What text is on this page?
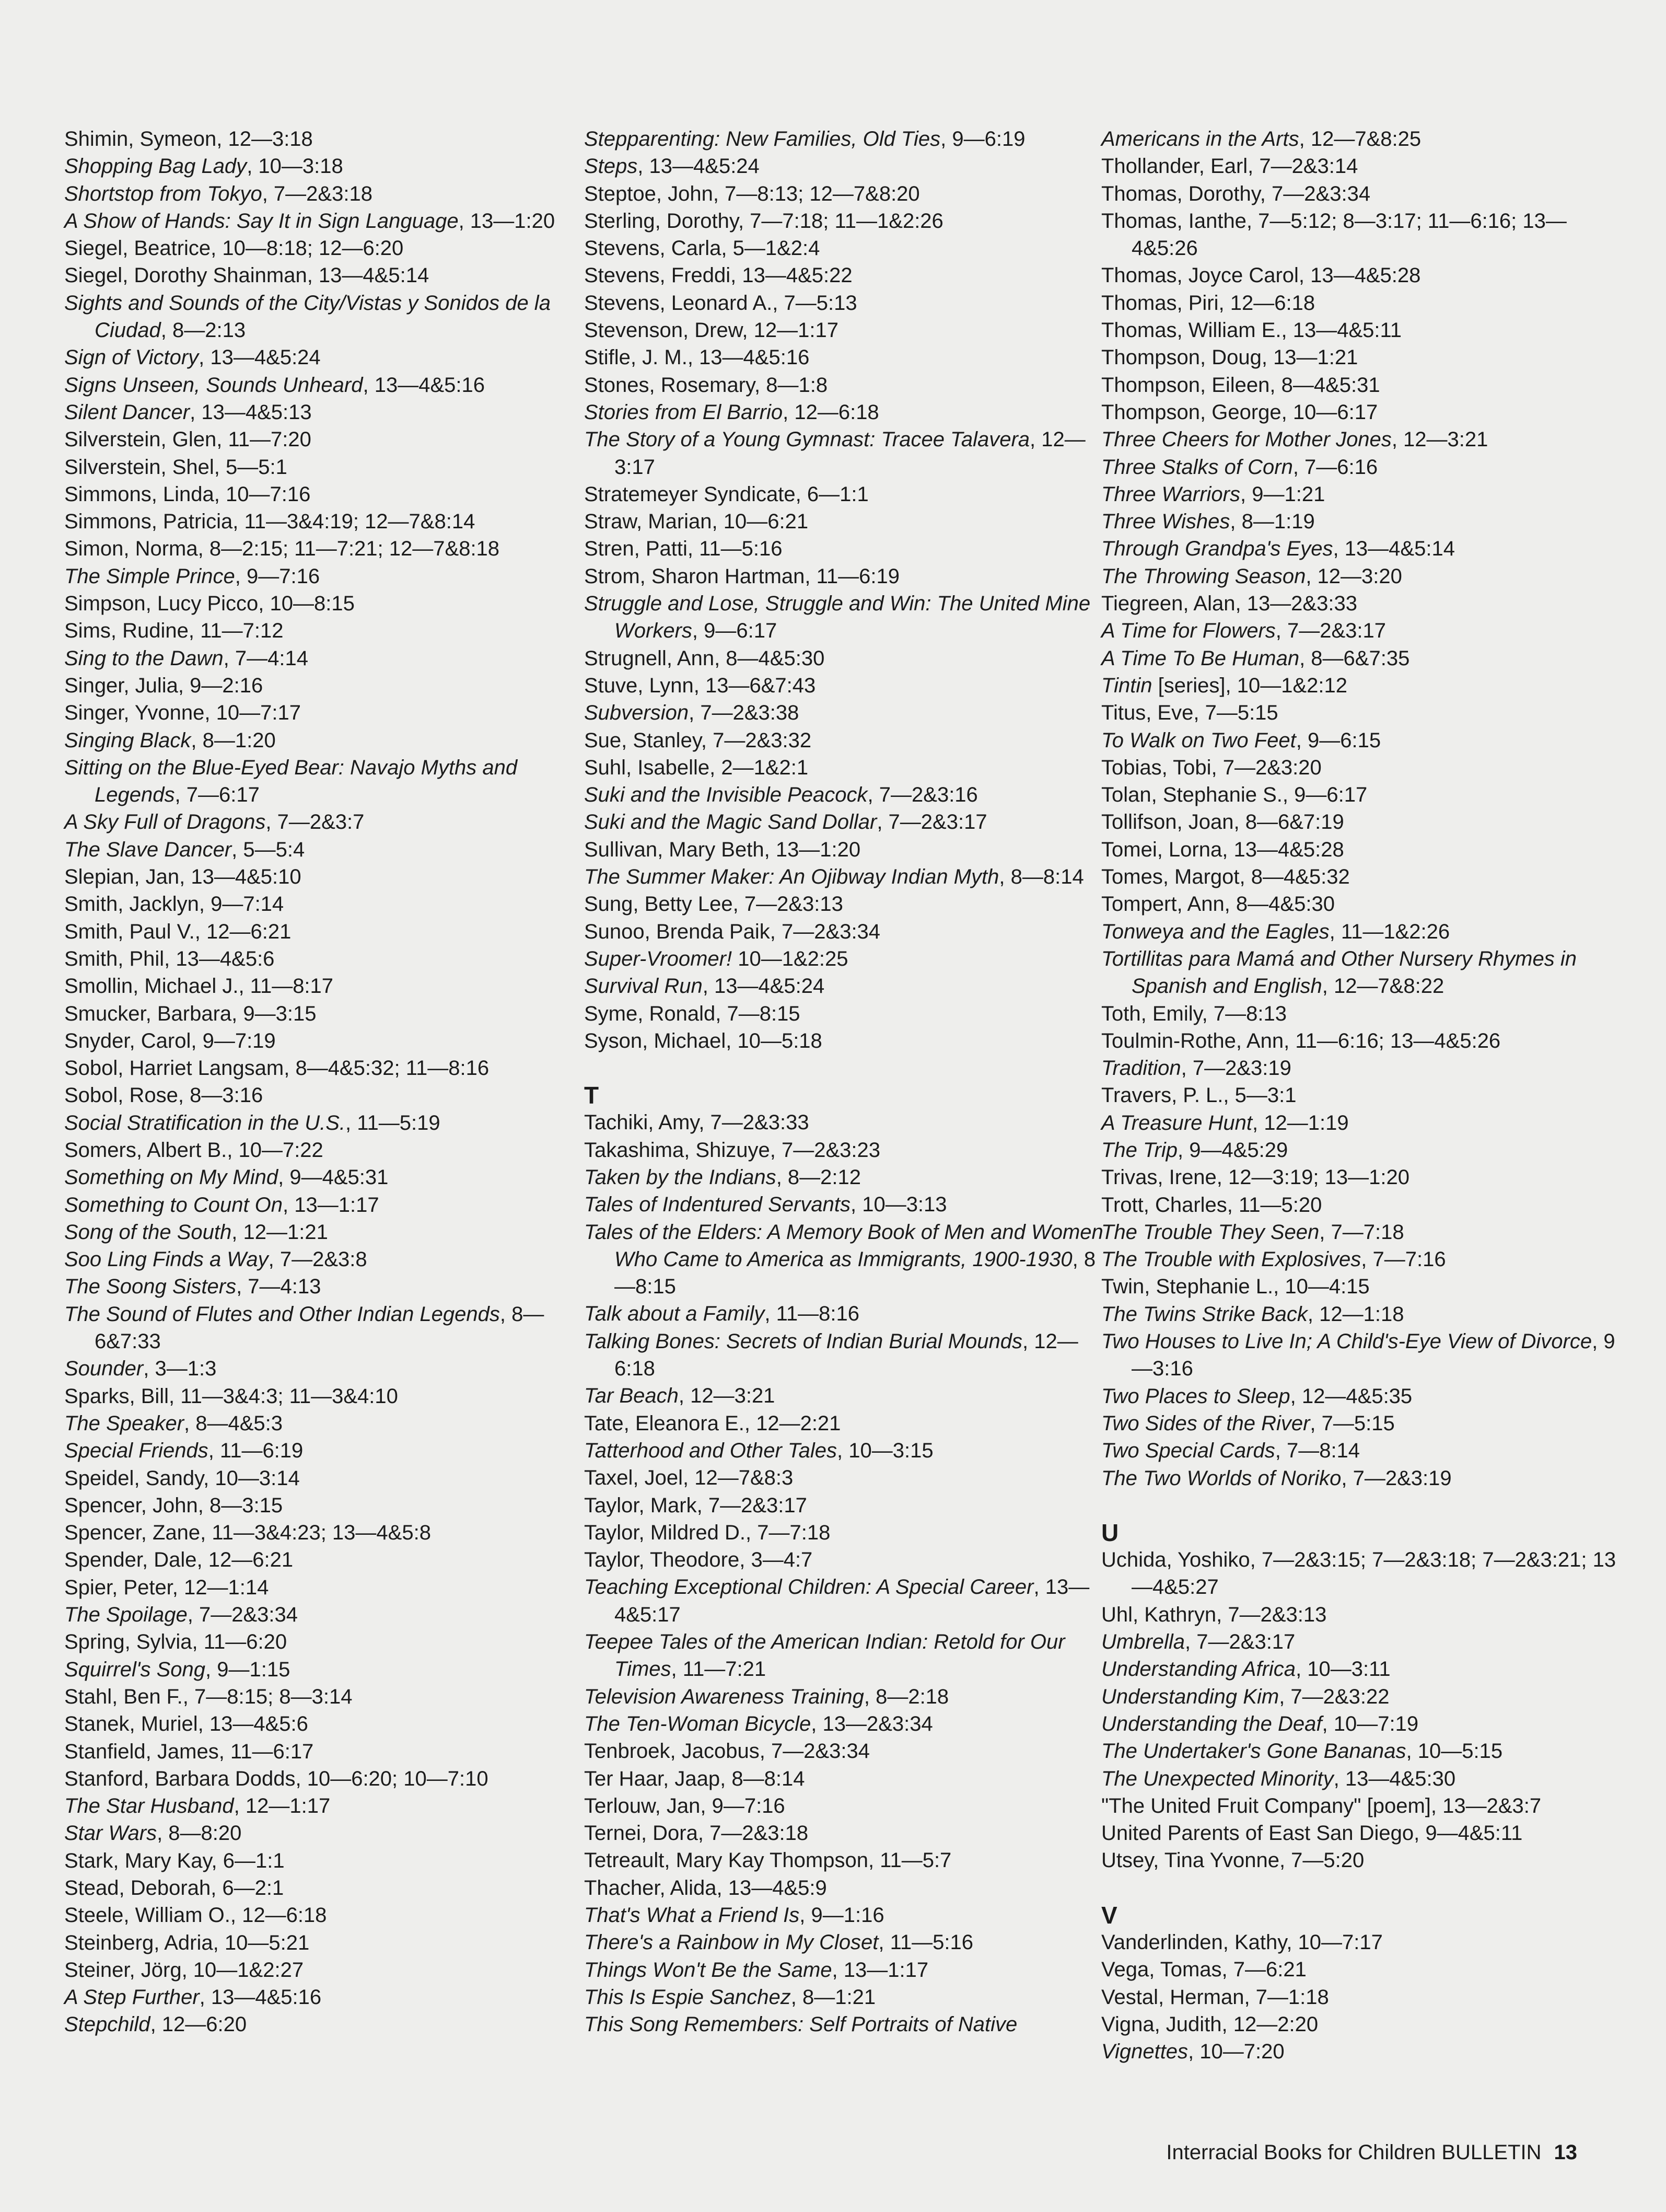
Shimin, Symeon, 12—3:18
Shopping Bag Lady, 10—3:18
Shortstop from Tokyo, 7—2&3:18
A Show of Hands: Say It in Sign Language, 13—1:20
Siegel, Beatrice, 10—8:18; 12—6:20
Siegel, Dorothy Shainman, 13—4&5:14
Sights and Sounds of the City/Vistas y Sonidos de la Ciudad, 8—2:13
Sign of Victory, 13—4&5:24
Signs Unseen, Sounds Unheard, 13—4&5:16
Silent Dancer, 13—4&5:13
Silverstein, Glen, 11—7:20
Silverstein, Shel, 5—5:1
Simmons, Linda, 10—7:16
Simmons, Patricia, 11—3&4:19; 12—7&8:14
Simon, Norma, 8—2:15; 11—7:21; 12—7&8:18
The Simple Prince, 9—7:16
Simpson, Lucy Picco, 10—8:15
Sims, Rudine, 11—7:12
Sing to the Dawn, 7—4:14
Singer, Julia, 9—2:16
Singer, Yvonne, 10—7:17
Singing Black, 8—1:20
Sitting on the Blue-Eyed Bear: Navajo Myths and Legends, 7—6:17
A Sky Full of Dragons, 7—2&3:7
The Slave Dancer, 5—5:4
Slepian, Jan, 13—4&5:10
Smith, Jacklyn, 9—7:14
Smith, Paul V., 12—6:21
Smith, Phil, 13—4&5:6
Smollin, Michael J., 11—8:17
Smucker, Barbara, 9—3:15
Snyder, Carol, 9—7:19
Sobol, Harriet Langsam, 8—4&5:32; 11—8:16
Sobol, Rose, 8—3:16
Social Stratification in the U.S., 11—5:19
Somers, Albert B., 10—7:22
Something on My Mind, 9—4&5:31
Something to Count On, 13—1:17
Song of the South, 12—1:21
Soo Ling Finds a Way, 7—2&3:8
The Soong Sisters, 7—4:13
The Sound of Flutes and Other Indian Legends, 8—6&7:33
Sounder, 3—1:3
Sparks, Bill, 11—3&4:3; 11—3&4:10
The Speaker, 8—4&5:3
Special Friends, 11—6:19
Speidel, Sandy, 10—3:14
Spencer, John, 8—3:15
Spencer, Zane, 11—3&4:23; 13—4&5:8
Spender, Dale, 12—6:21
Spier, Peter, 12—1:14
The Spoilage, 7—2&3:34
Spring, Sylvia, 11—6:20
Squirrel's Song, 9—1:15
Stahl, Ben F., 7—8:15; 8—3:14
Stanek, Muriel, 13—4&5:6
Stanfield, James, 11—6:17
Stanford, Barbara Dodds, 10—6:20; 10—7:10
The Star Husband, 12—1:17
Star Wars, 8—8:20
Stark, Mary Kay, 6—1:1
Stead, Deborah, 6—2:1
Steele, William O., 12—6:18
Steinberg, Adria, 10—5:21
Steiner, Jörg, 10—1&2:27
A Step Further, 13—4&5:16
Stepchild, 12—6:20
Stepparenting: New Families, Old Ties, 9—6:19
Steps, 13—4&5:24
Steptoe, John, 7—8:13; 12—7&8:20
Sterling, Dorothy, 7—7:18; 11—1&2:26
Stevens, Carla, 5—1&2:4
Stevens, Freddi, 13—4&5:22
Stevens, Leonard A., 7—5:13
Stevenson, Drew, 12—1:17
Stifle, J. M., 13—4&5:16
Stones, Rosemary, 8—1:8
Stories from El Barrio, 12—6:18
The Story of a Young Gymnast: Tracee Talavera, 12—3:17
Stratemeyer Syndicate, 6—1:1
Straw, Marian, 10—6:21
Stren, Patti, 11—5:16
Strom, Sharon Hartman, 11—6:19
Struggle and Lose, Struggle and Win: The United Mine Workers, 9—6:17
Strugnell, Ann, 8—4&5:30
Stuve, Lynn, 13—6&7:43
Subversion, 7—2&3:38
Sue, Stanley, 7—2&3:32
Suhl, Isabelle, 2—1&2:1
Suki and the Invisible Peacock, 7—2&3:16
Suki and the Magic Sand Dollar, 7—2&3:17
Sullivan, Mary Beth, 13—1:20
The Summer Maker: An Ojibway Indian Myth, 8—8:14
Sung, Betty Lee, 7—2&3:13
Sunoo, Brenda Paik, 7—2&3:34
Super-Vroomer! 10—1&2:25
Survival Run, 13—4&5:24
Syme, Ronald, 7—8:15
Syson, Michael, 10—5:18
T
Tachiki, Amy, 7—2&3:33
Takashima, Shizuye, 7—2&3:23
Taken by the Indians, 8—2:12
Tales of Indentured Servants, 10—3:13
Tales of the Elders: A Memory Book of Men and Women Who Came to America as Immigrants, 1900-1930, 8—8:15
Talk about a Family, 11—8:16
Talking Bones: Secrets of Indian Burial Mounds, 12—6:18
Tar Beach, 12—3:21
Tate, Eleanora E., 12—2:21
Tatterhood and Other Tales, 10—3:15
Taxel, Joel, 12—7&8:3
Taylor, Mark, 7—2&3:17
Taylor, Mildred D., 7—7:18
Taylor, Theodore, 3—4:7
Teaching Exceptional Children: A Special Career, 13—4&5:17
Teepee Tales of the American Indian: Retold for Our Times, 11—7:21
Television Awareness Training, 8—2:18
The Ten-Woman Bicycle, 13—2&3:34
Tenbroek, Jacobus, 7—2&3:34
Ter Haar, Jaap, 8—8:14
Terlouw, Jan, 9—7:16
Ternei, Dora, 7—2&3:18
Tetreault, Mary Kay Thompson, 11—5:7
Thacher, Alida, 13—4&5:9
That's What a Friend Is, 9—1:16
There's a Rainbow in My Closet, 11—5:16
Things Won't Be the Same, 13—1:17
This Is Espie Sanchez, 8—1:21
This Song Remembers: Self Portraits of Native
Americans in the Arts, 12—7&8:25
Thollander, Earl, 7—2&3:14
Thomas, Dorothy, 7—2&3:34
Thomas, Ianthe, 7—5:12; 8—3:17; 11—6:16; 13—4&5:26
Thomas, Joyce Carol, 13—4&5:28
Thomas, Piri, 12—6:18
Thomas, William E., 13—4&5:11
Thompson, Doug, 13—1:21
Thompson, Eileen, 8—4&5:31
Thompson, George, 10—6:17
Three Cheers for Mother Jones, 12—3:21
Three Stalks of Corn, 7—6:16
Three Warriors, 9—1:21
Three Wishes, 8—1:19
Through Grandpa's Eyes, 13—4&5:14
The Throwing Season, 12—3:20
Tiegreen, Alan, 13—2&3:33
A Time for Flowers, 7—2&3:17
A Time To Be Human, 8—6&7:35
Tintin [series], 10—1&2:12
Titus, Eve, 7—5:15
To Walk on Two Feet, 9—6:15
Tobias, Tobi, 7—2&3:20
Tolan, Stephanie S., 9—6:17
Tollifson, Joan, 8—6&7:19
Tomei, Lorna, 13—4&5:28
Tomes, Margot, 8—4&5:32
Tompert, Ann, 8—4&5:30
Tonweya and the Eagles, 11—1&2:26
Tortillitas para Mamá and Other Nursery Rhymes in Spanish and English, 12—7&8:22
Toth, Emily, 7—8:13
Toulmin-Rothe, Ann, 11—6:16; 13—4&5:26
Tradition, 7—2&3:19
Travers, P. L., 5—3:1
A Treasure Hunt, 12—1:19
The Trip, 9—4&5:29
Trivas, Irene, 12—3:19; 13—1:20
Trott, Charles, 11—5:20
The Trouble They Seen, 7—7:18
The Trouble with Explosives, 7—7:16
Twin, Stephanie L., 10—4:15
The Twins Strike Back, 12—1:18
Two Houses to Live In; A Child's-Eye View of Divorce, 9—3:16
Two Places to Sleep, 12—4&5:35
Two Sides of the River, 7—5:15
Two Special Cards, 7—8:14
The Two Worlds of Noriko, 7—2&3:19
U
Uchida, Yoshiko, 7—2&3:15; 7—2&3:18; 7—2&3:21; 13—4&5:27
Uhl, Kathryn, 7—2&3:13
Umbrella, 7—2&3:17
Understanding Africa, 10—3:11
Understanding Kim, 7—2&3:22
Understanding the Deaf, 10—7:19
The Undertaker's Gone Bananas, 10—5:15
The Unexpected Minority, 13—4&5:30
"The United Fruit Company" [poem], 13—2&3:7
United Parents of East San Diego, 9—4&5:11
Utsey, Tina Yvonne, 7—5:20
V
Vanderlinden, Kathy, 10—7:17
Vega, Tomas, 7—6:21
Vestal, Herman, 7—1:18
Vigna, Judith, 12—2:20
Vignettes, 10—7:20
Interracial Books for Children BULLETIN 13
